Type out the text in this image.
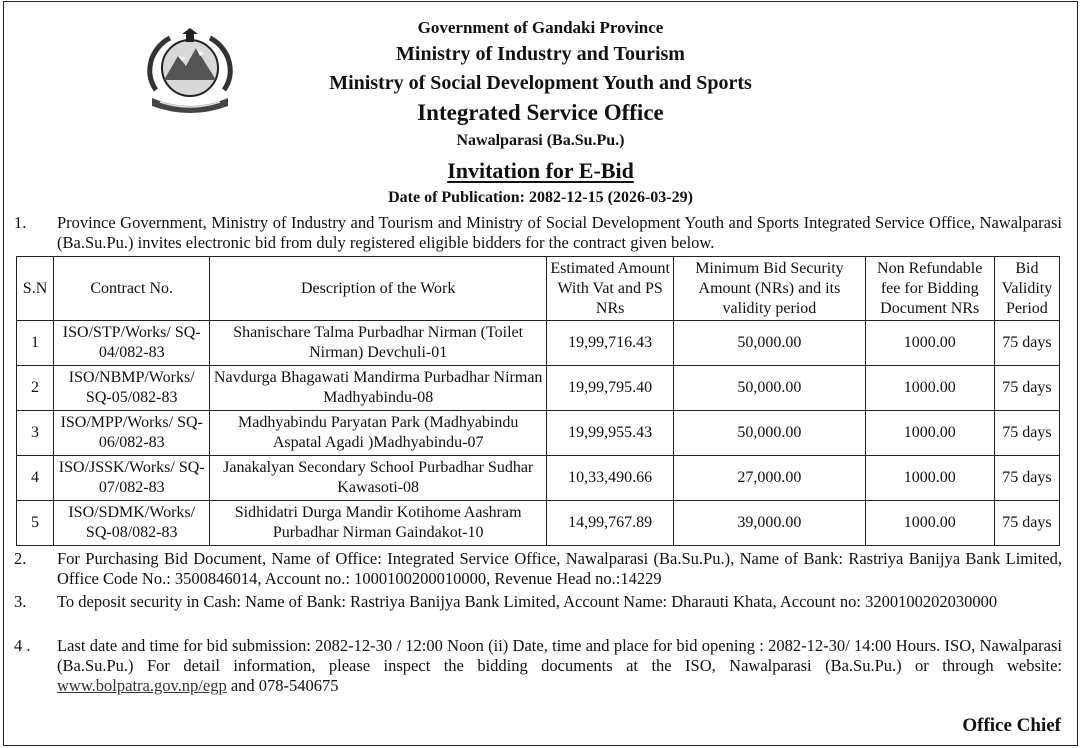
Government of Gandaki Province
Ministry of Industry and Tourism
Ministry of Social Development Youth and Sports
Integrated Service Office
Nawalparasi (Ba.Su.Pu.)
Invitation for E-Bid
Date of Publication: 2082-12-15 (2026-03-29)
1. Province Government, Ministry of Industry and Tourism and Ministry of Social Development Youth and Sports Integrated Service Office, Nawalparasi (Ba.Su.Pu.) invites electronic bid from duly registered eligible bidders for the contract given below.
S.N	Contract No.	Description of the Work	Estimated Amount With Vat and PS NRs	Minimum Bid Security Amount (NRs) and its validity period	Non Refundable fee for Bidding Document NRs	Bid Validity Period
1	ISO/STP/Works/ SQ-04/082-83	Shanischare Talma Purbadhar Nirman (Toilet Nirman) Devchuli-01	19,99,716.43	50,000.00	1000.00	75 days
2	ISO/NBMP/Works/ SQ-05/082-83	Navdurga Bhagawati Mandirma Purbadhar Nirman Madhyabindu-08	19,99,795.40	50,000.00	1000.00	75 days
3	ISO/MPP/Works/ SQ-06/082-83	Madhyabindu Paryatan Park (Madhyabindu Aspatal Agadi )Madhyabindu-07	19,99,955.43	50,000.00	1000.00	75 days
4	ISO/JSSK/Works/ SQ-07/082-83	Janakalyan Secondary School Purbadhar Sudhar Kawasoti-08	10,33,490.66	27,000.00	1000.00	75 days
5	ISO/SDMK/Works/ SQ-08/082-83	Sidhidatri Durga Mandir Kotihome Aashram Purbadhar Nirman Gaindakot-10	14,99,767.89	39,000.00	1000.00	75 days
2. For Purchasing Bid Document, Name of Office: Integrated Service Office, Nawalparasi (Ba.Su.Pu.), Name of Bank: Rastriya Banijya Bank Limited, Office Code No.: 3500846014, Account no.: 1000100200010000, Revenue Head no.:14229
3. To deposit security in Cash: Name of Bank: Rastriya Banijya Bank Limited, Account Name: Dharauti Khata, Account no: 3200100202030000
4 . Last date and time for bid submission: 2082-12-30 / 12:00 Noon (ii) Date, time and place for bid opening : 2082-12-30/ 14:00 Hours. ISO, Nawalparasi (Ba.Su.Pu.) For detail information, please inspect the bidding documents at the ISO, Nawalparasi (Ba.Su.Pu.) or through website: www.bolpatra.gov.np/egp and 078-540675
Office Chief
